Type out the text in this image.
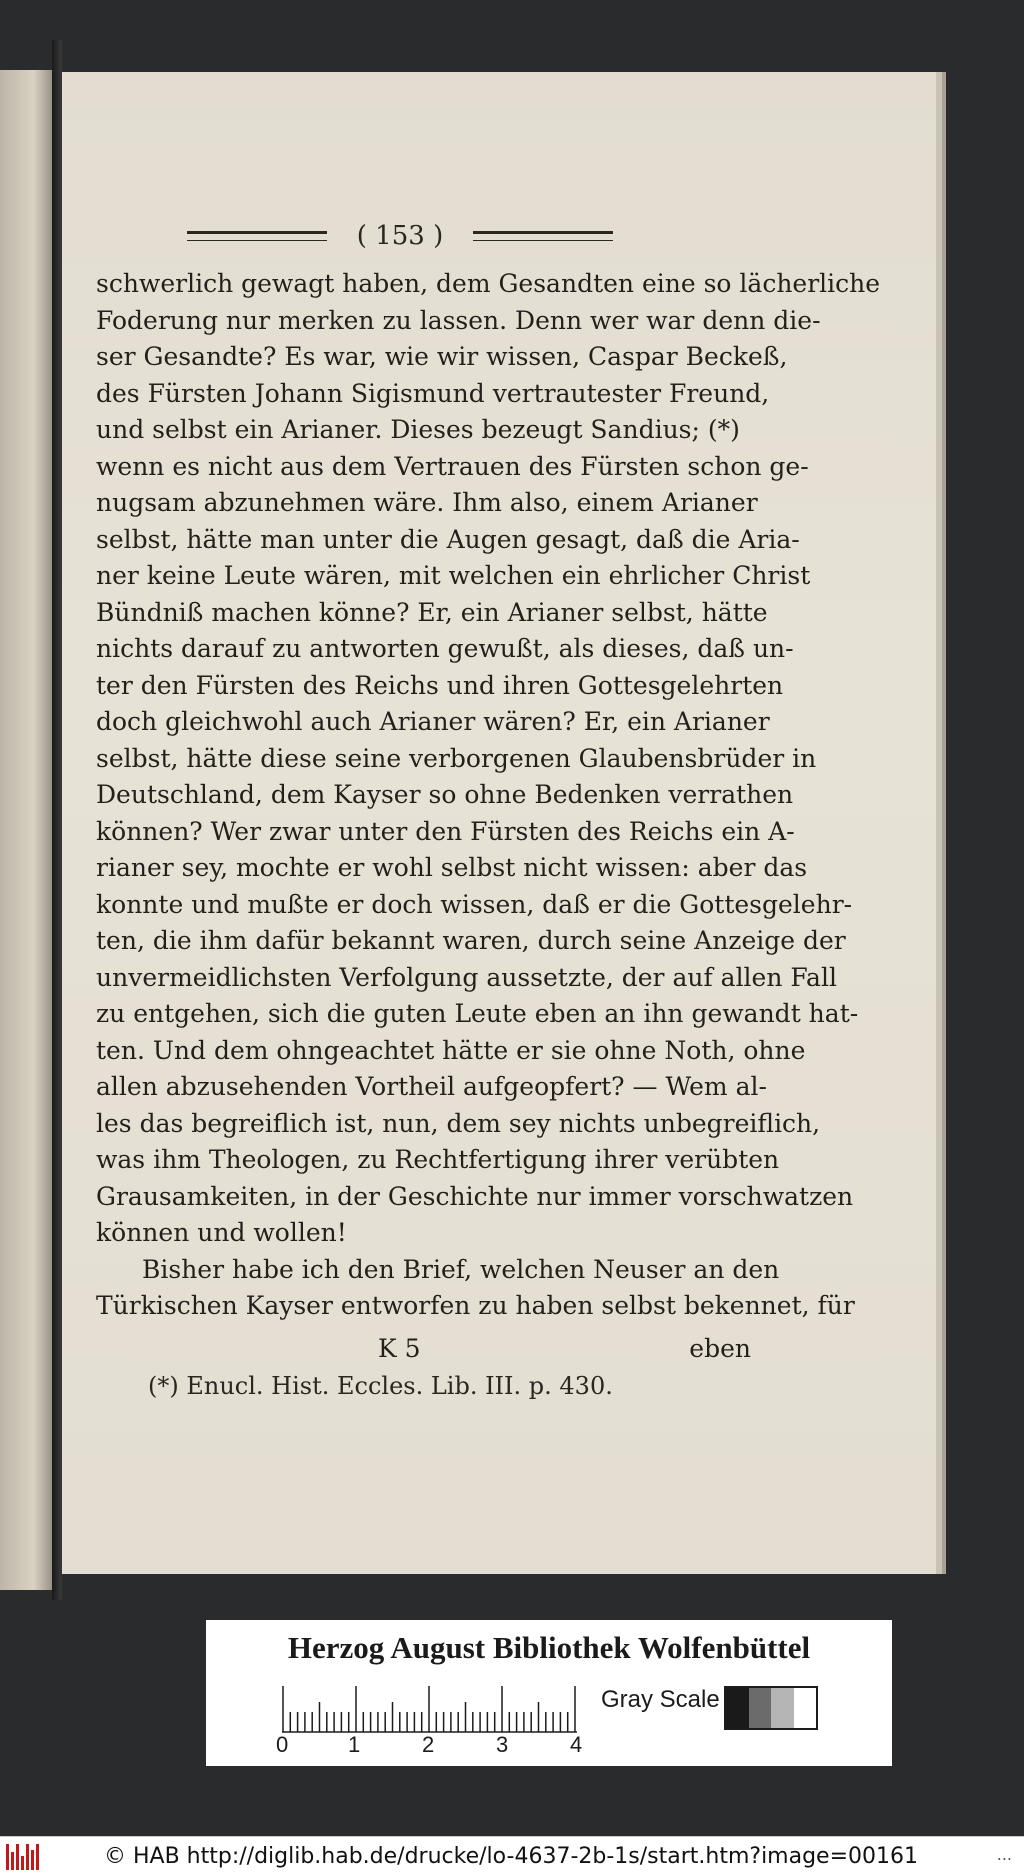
( 153 )
schwerlich gewagt haben, dem Gesandten eine so lächerliche
Foderung nur merken zu lassen. Denn wer war denn die-
ser Gesandte? Es war, wie wir wissen, Caspar Beckeß,
des Fürsten Johann Sigismund vertrautester Freund,
und selbst ein Arianer. Dieses bezeugt Sandius; (*)
wenn es nicht aus dem Vertrauen des Fürsten schon ge-
nugsam abzunehmen wäre. Ihm also, einem Arianer
selbst, hätte man unter die Augen gesagt, daß die Aria-
ner keine Leute wären, mit welchen ein ehrlicher Christ
Bündniß machen könne? Er, ein Arianer selbst, hätte
nichts darauf zu antworten gewußt, als dieses, daß un-
ter den Fürsten des Reichs und ihren Gottesgelehrten
doch gleichwohl auch Arianer wären? Er, ein Arianer
selbst, hätte diese seine verborgenen Glaubensbrüder in
Deutschland, dem Kayser so ohne Bedenken verrathen
können? Wer zwar unter den Fürsten des Reichs ein A-
rianer sey, mochte er wohl selbst nicht wissen: aber das
konnte und mußte er doch wissen, daß er die Gottesgelehr-
ten, die ihm dafür bekannt waren, durch seine Anzeige der
unvermeidlichsten Verfolgung aussetzte, der auf allen Fall
zu entgehen, sich die guten Leute eben an ihn gewandt hat-
ten. Und dem ohngeachtet hätte er sie ohne Noth, ohne
allen abzusehenden Vortheil aufgeopfert? — Wem al-
les das begreiflich ist, nun, dem sey nichts unbegreiflich,
was ihm Theologen, zu Rechtfertigung ihrer verübten
Grausamkeiten, in der Geschichte nur immer vorschwatzen
können und wollen!
Bisher habe ich den Brief, welchen Neuser an den
Türkischen Kayser entworfen zu haben selbst bekennet, für
K 5	eben
(*) Enucl. Hist. Eccles. Lib. III. p. 430.
Herzog August Bibliothek Wolfenbüttel
0	1	2	3	4
Gray Scale
© HAB http://diglib.hab.de/drucke/lo-4637-2b-1s/start.htm?image=00161	...
